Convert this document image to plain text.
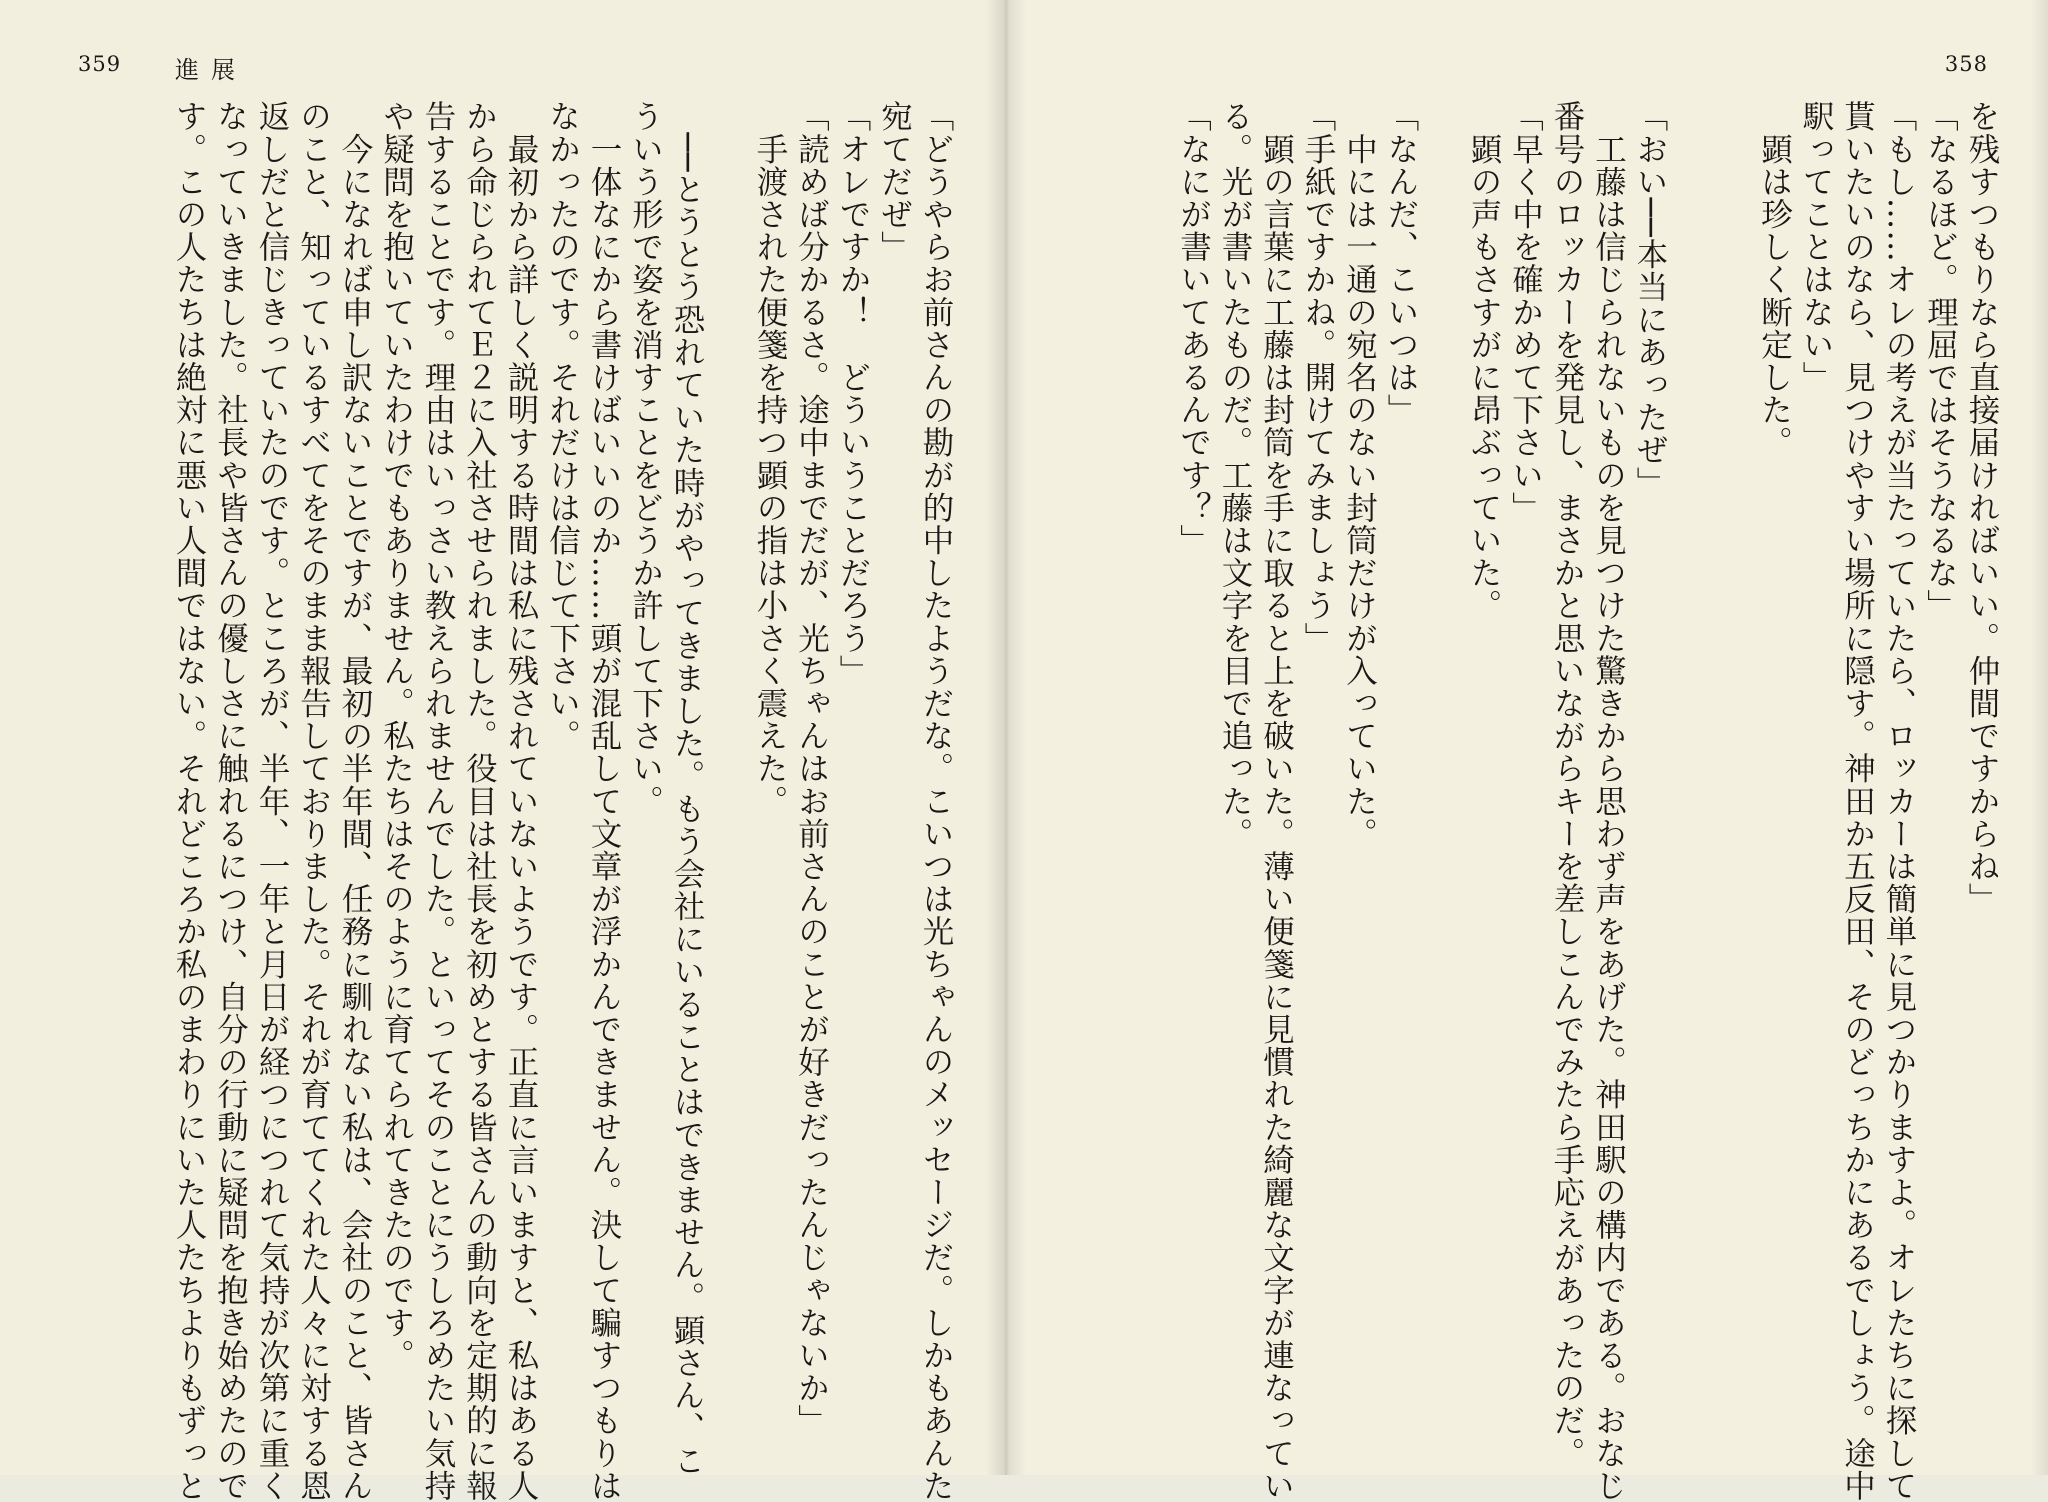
359 進展

「どうやらお前さんの勘が的中したようだな。こいつは光ちゃんのメッセージだ。しかもあんた

宛てだぜ」

「オレですか！　どういうことだろう」

「読めば分かるさ。途中までだが、光ちゃんはお前さんのことが好きだったんじゃないか」

　手渡された便箋を持つ顕の指は小さく震えた。

　──とうとう恐れていた時がやってきました。もう会社にいることはできません。顕さん、こ

ういう形で姿を消すことをどうか許して下さい。

　一体なにから書けばいいのか……頭が混乱して文章が浮かんできません。決して騙すつもりは

なかったのです。それだけは信じて下さい。

　最初から詳しく説明する時間は私に残されていないようです。正直に言いますと、私はある人

から命じられてＥ２に入社させられました。役目は社長を初めとする皆さんの動向を定期的に報

告することです。理由はいっさい教えられませんでした。といってそのことにうしろめたい気持

や疑問を抱いていたわけでもありません。私たちはそのように育てられてきたのです。

　今になれば申し訳ないことですが、最初の半年間、任務に馴れない私は、会社のこと、皆さん

のこと、知っているすべてをそのまま報告しておりました。それが育ててくれた人々に対する恩

返しだと信じきっていたのです。ところが、半年、一年と月日が経つにつれて気持が次第に重く

なっていきました。社長や皆さんの優しさに触れるにつけ、自分の行動に疑問を抱き始めたので

す。この人たちは絶対に悪い人間ではない。それどころか私のまわりにいた人たちよりもずっと

358

を残すつもりなら直接届ければいい。仲間ですからね」

「なるほど。理屈ではそうなるな」

「もし……オレの考えが当たっていたら、ロッカーは簡単に見つかりますよ。オレたちに探して

貰いたいのなら、見つけやすい場所に隠す。神田か五反田、そのどっちかにあるでしょう。途中

駅ってことはない」

　顕は珍しく断定した。

「おい──本当にあったぜ」

　工藤は信じられないものを見つけた驚きから思わず声をあげた。神田駅の構内である。おなじ

番号のロッカーを発見し、まさかと思いながらキーを差しこんでみたら手応えがあったのだ。

「早く中を確かめて下さい」

　顕の声もさすがに昂ぶっていた。

「なんだ、こいつは」

　中には一通の宛名のない封筒だけが入っていた。

「手紙ですかね。開けてみましょう」

　顕の言葉に工藤は封筒を手に取ると上を破いた。薄い便箋に見慣れた綺麗な文字が連なってい

る。光が書いたものだ。工藤は文字を目で追った。

「なにが書いてあるんです？」
